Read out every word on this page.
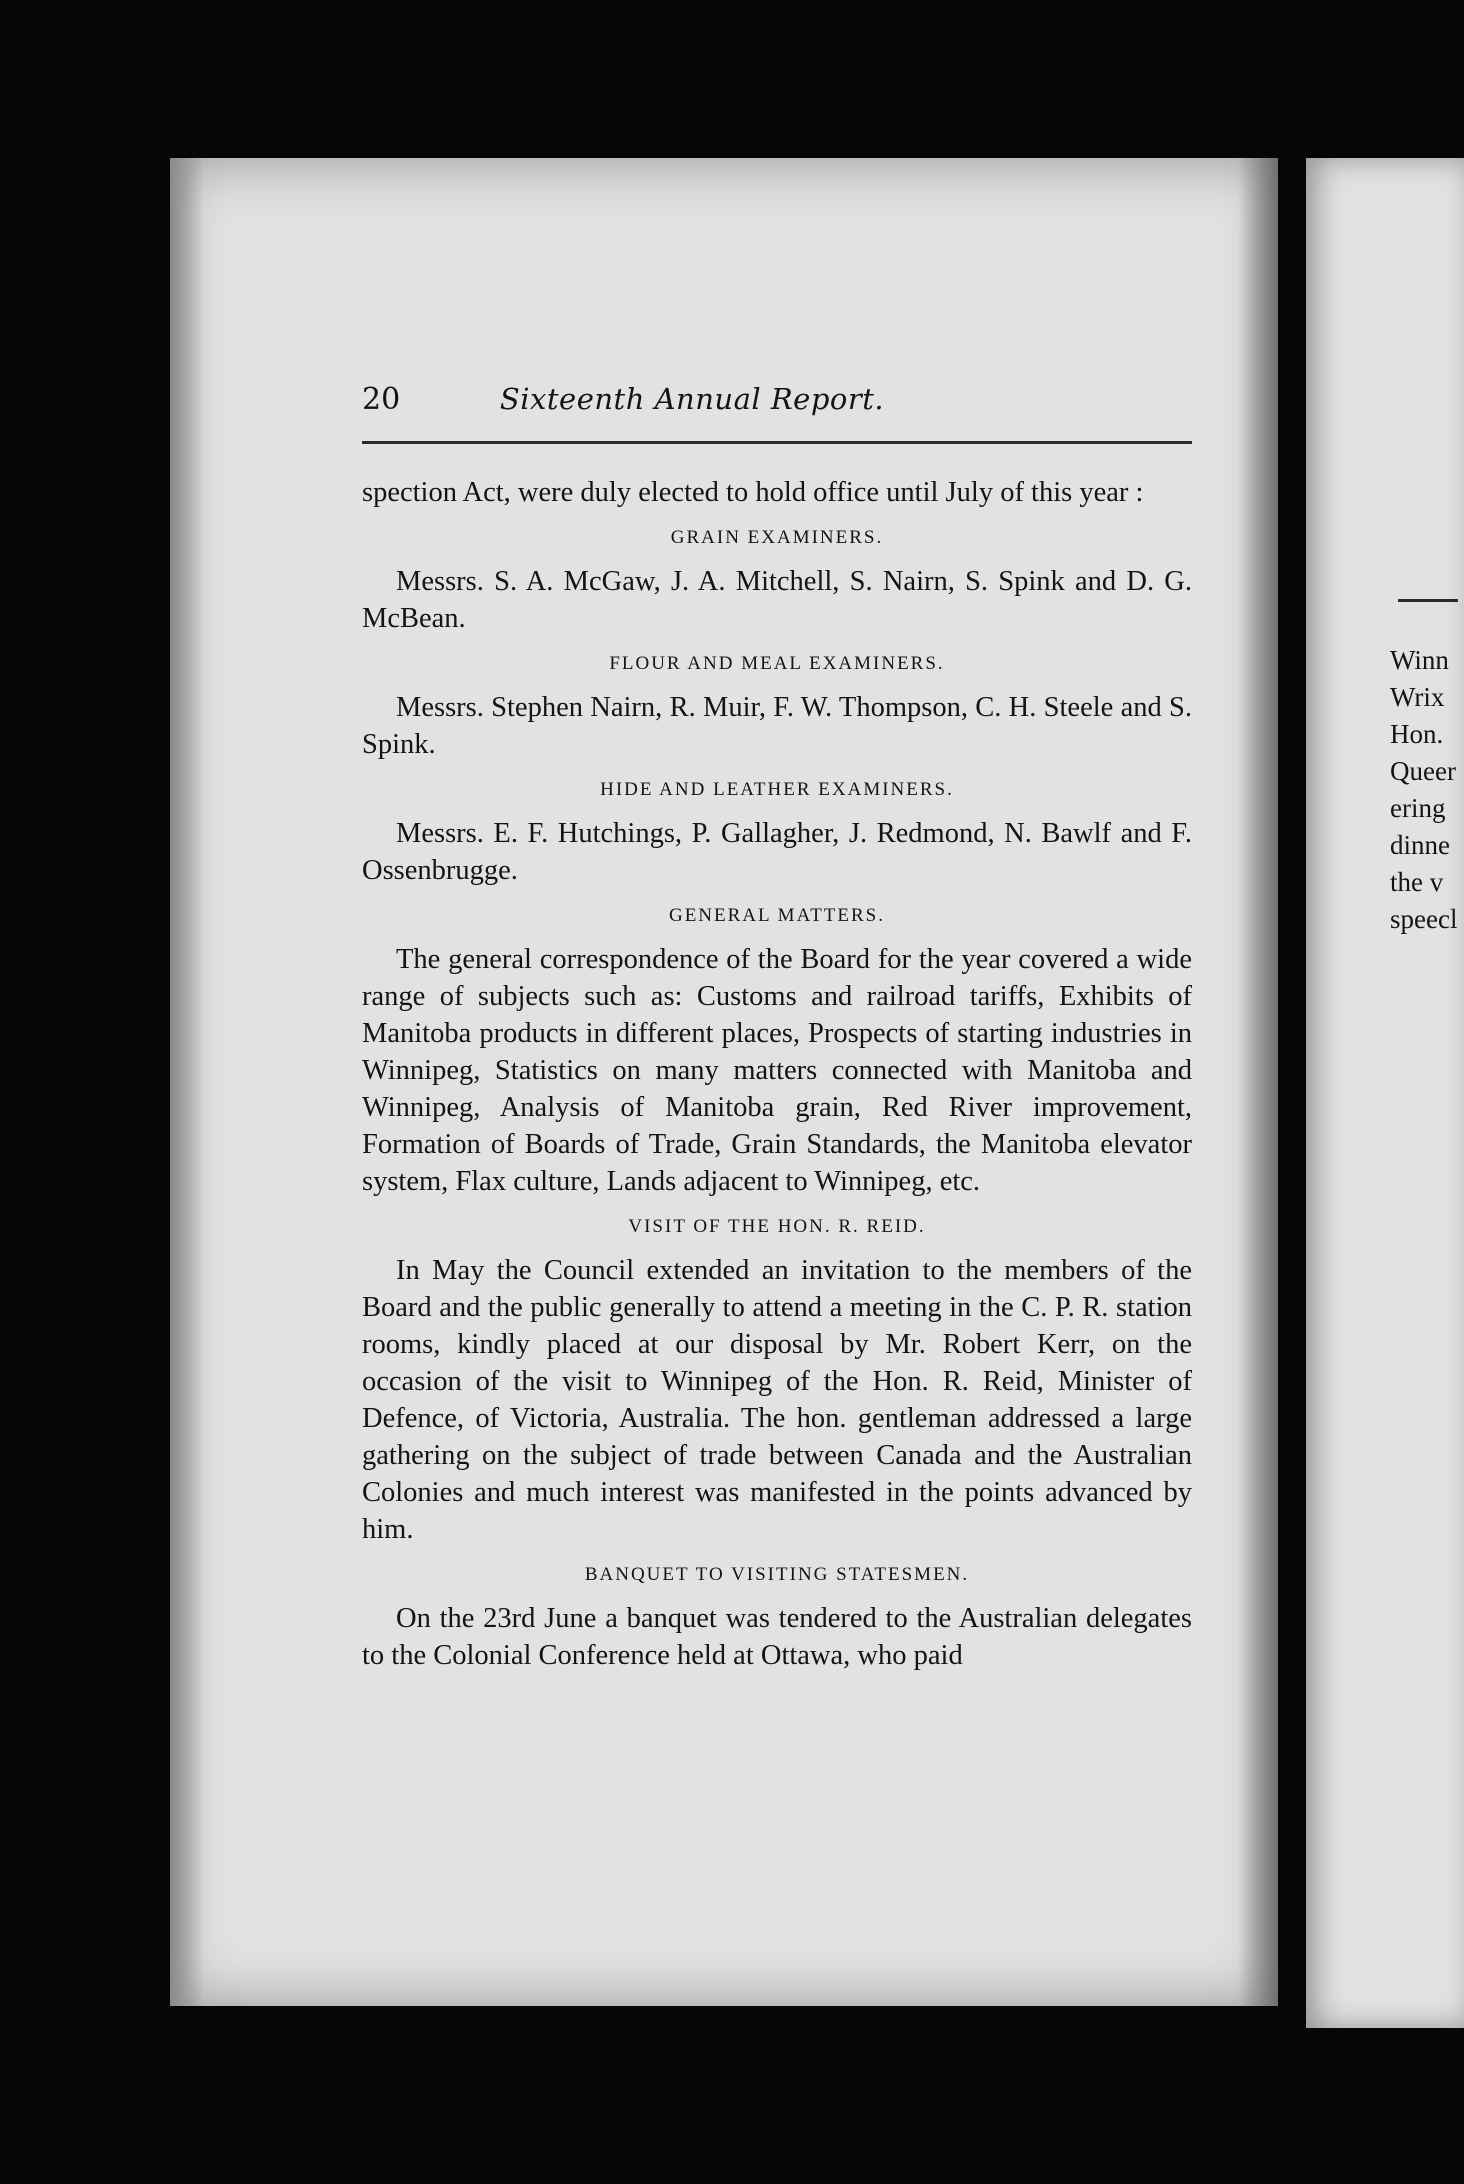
20	Sixteenth Annual Report.

spection Act, were duly elected to hold office until July of this year :

GRAIN EXAMINERS.

Messrs. S. A. McGaw, J. A. Mitchell, S. Nairn, S. Spink and D. G. McBean.

FLOUR AND MEAL EXAMINERS.

Messrs. Stephen Nairn, R. Muir, F. W. Thompson, C. H. Steele and S. Spink.

HIDE AND LEATHER EXAMINERS.

Messrs. E. F. Hutchings, P. Gallagher, J. Redmond, N. Bawlf and F. Ossenbrugge.

GENERAL MATTERS.

The general correspondence of the Board for the year covered a wide range of subjects such as: Customs and railroad tariffs, Exhibits of Manitoba products in different places, Prospects of starting industries in Winnipeg, Statistics on many matters connected with Manitoba and Winnipeg, Analysis of Manitoba grain, Red River improvement, Formation of Boards of Trade, Grain Standards, the Manitoba elevator system, Flax culture, Lands adjacent to Winnipeg, etc.

VISIT OF THE HON. R. REID.

In May the Council extended an invitation to the members of the Board and the public generally to attend a meeting in the C. P. R. station rooms, kindly placed at our disposal by Mr. Robert Kerr, on the occasion of the visit to Winnipeg of the Hon. R. Reid, Minister of Defence, of Victoria, Australia. The hon. gentleman addressed a large gathering on the subject of trade between Canada and the Australian Colonies and much interest was manifested in the points advanced by him.

BANQUET TO VISITING STATESMEN.

On the 23rd June a banquet was tendered to the Australian delegates to the Colonial Conference held at Ottawa, who paid

Winn
Wrix
Hon.
Queer
ering
dinne
the v
speecl
